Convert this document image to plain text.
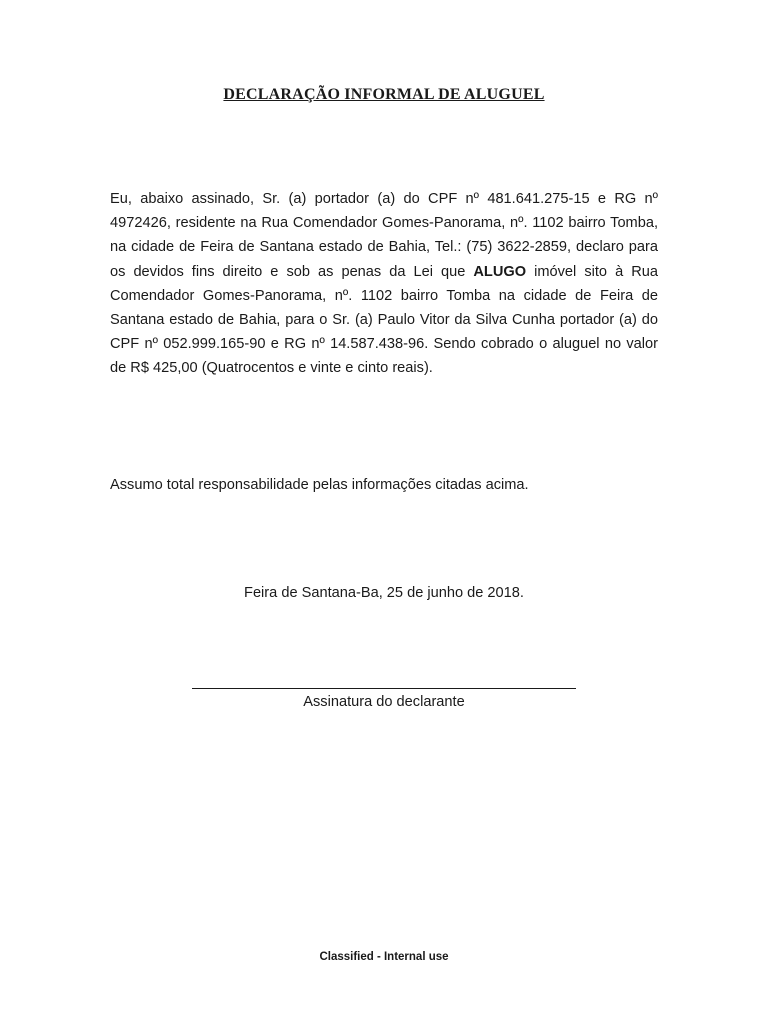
DECLARAÇÃO INFORMAL DE ALUGUEL
Eu, abaixo assinado, Sr. (a) portador (a) do CPF nº 481.641.275-15 e RG nº 4972426, residente na Rua Comendador Gomes-Panorama, nº. 1102 bairro Tomba, na cidade de Feira de Santana estado de Bahia, Tel.: (75) 3622-2859, declaro para os devidos fins direito e sob as penas da Lei que ALUGO imóvel sito à Rua Comendador Gomes-Panorama, nº. 1102 bairro Tomba na cidade de Feira de Santana estado de Bahia, para o Sr. (a) Paulo Vitor da Silva Cunha portador (a) do CPF nº 052.999.165-90 e RG nº 14.587.438-96. Sendo cobrado o aluguel no valor de R$ 425,00 (Quatrocentos e vinte e cinto reais).
Assumo total responsabilidade pelas informações citadas acima.
Feira de Santana-Ba, 25 de junho de 2018.
Assinatura do declarante
Classified - Internal use
